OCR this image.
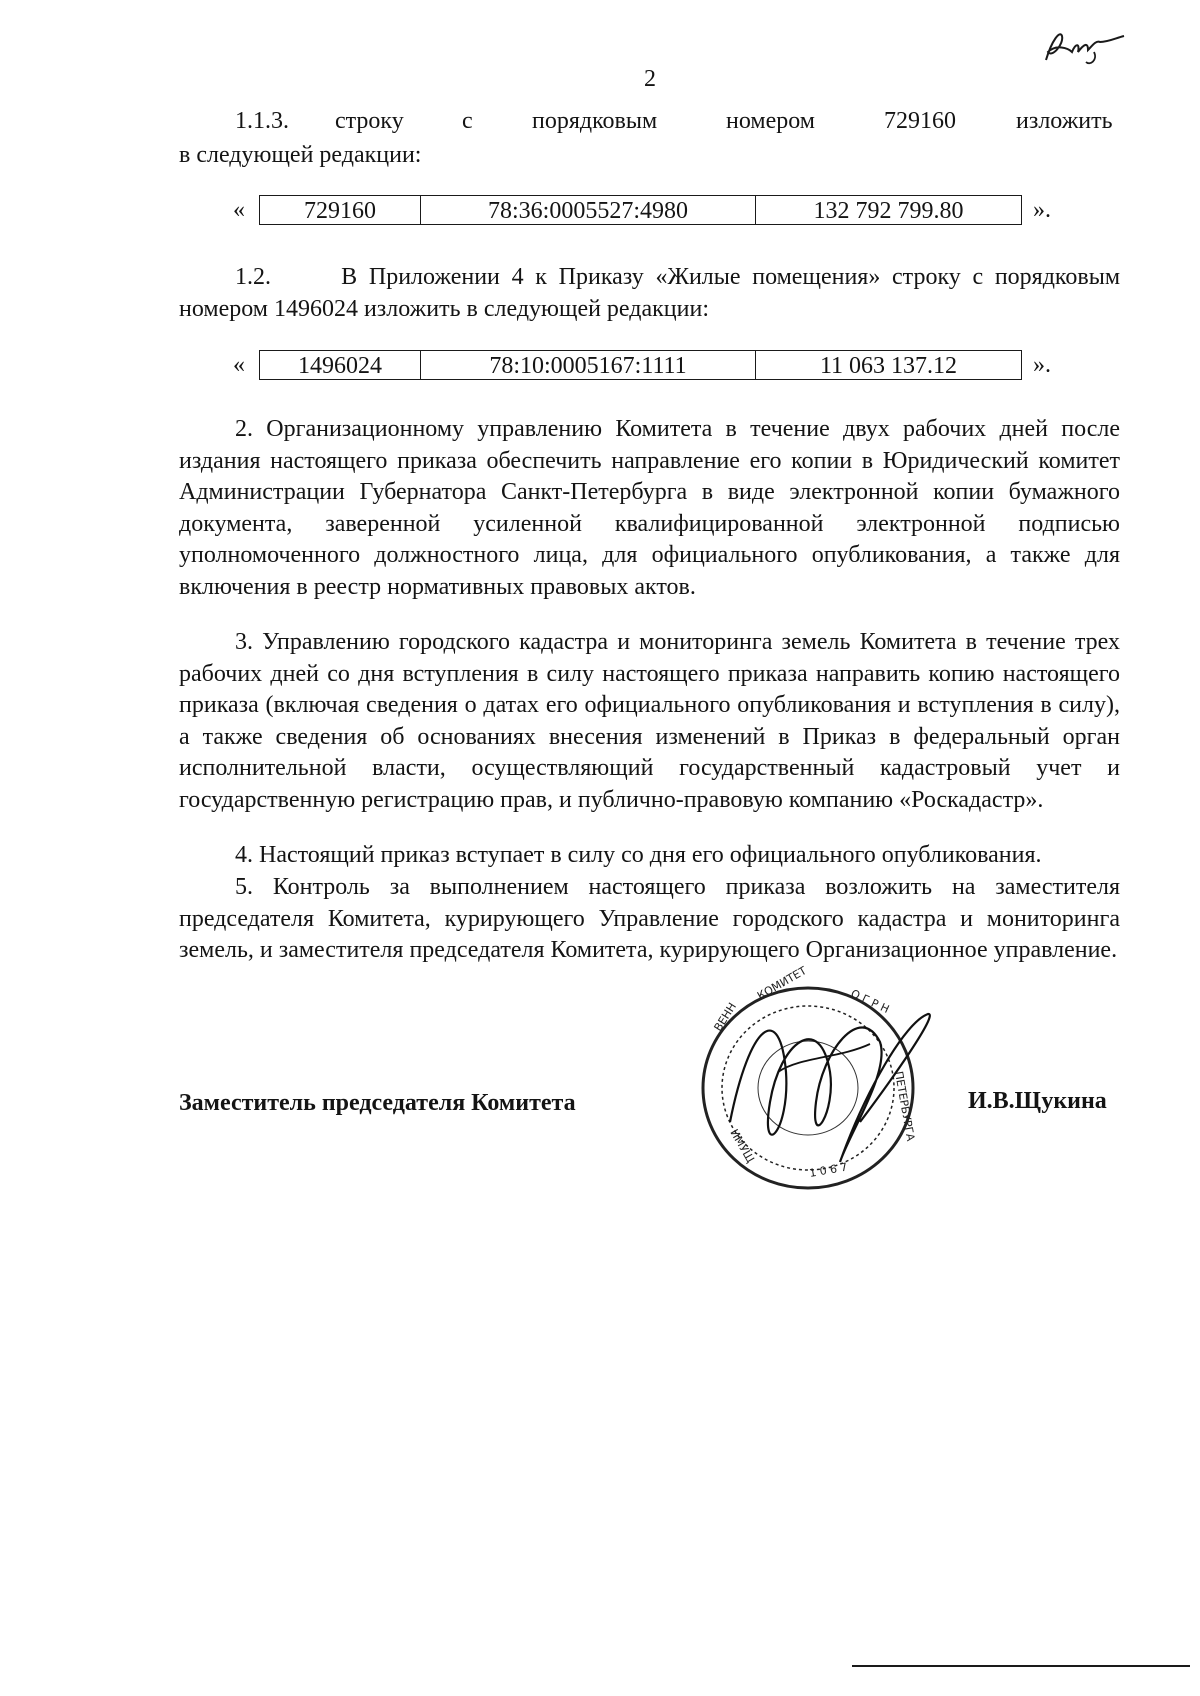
2
1.1.3. строку с порядковым	номером	729160	изложить
в следующей редакции:
«	729160	78:36:0005527:4980	132 792 799.80	».
1.2.      В Приложении 4 к Приказу «Жилые помещения» строку с порядковым
номером 1496024 изложить в следующей редакции:
«	1496024	78:10:0005167:1111	11 063 137.12	».

2. Организационному управлению Комитета в течение двух рабочих дней после издания настоящего приказа обеспечить направление его копии в Юридический комитет Администрации Губернатора Санкт-Петербурга в виде электронной копии бумажного документа, заверенной усиленной квалифицированной электронной подписью уполномоченного должностного лица, для официального опубликования, а также для включения в реестр нормативных правовых актов.

3. Управлению городского кадастра и мониторинга земель Комитета в течение трех рабочих дней со дня вступления в силу настоящего приказа направить копию настоящего приказа (включая сведения о датах его официального опубликования и вступления в силу), а также сведения об основаниях внесения изменений в Приказ в федеральный орган исполнительной власти, осуществляющий государственный кадастровый учет и государственную регистрацию прав, и публично-правовую компанию «Роскадастр».

4. Настоящий приказ вступает в силу со дня его официального опубликования.

5. Контроль за выполнением настоящего приказа возложить на заместителя председателя Комитета, курирующего Управление городского кадастра и мониторинга земель, и заместителя председателя Комитета, курирующего Организационное управление.

ВЕНН
КОМИТЕТ	О Г Р Н
ПЕТЕРБУРГА
ИМУЩ
1 0 6 7
Заместитель председателя Комитета	И.В.Щукина
